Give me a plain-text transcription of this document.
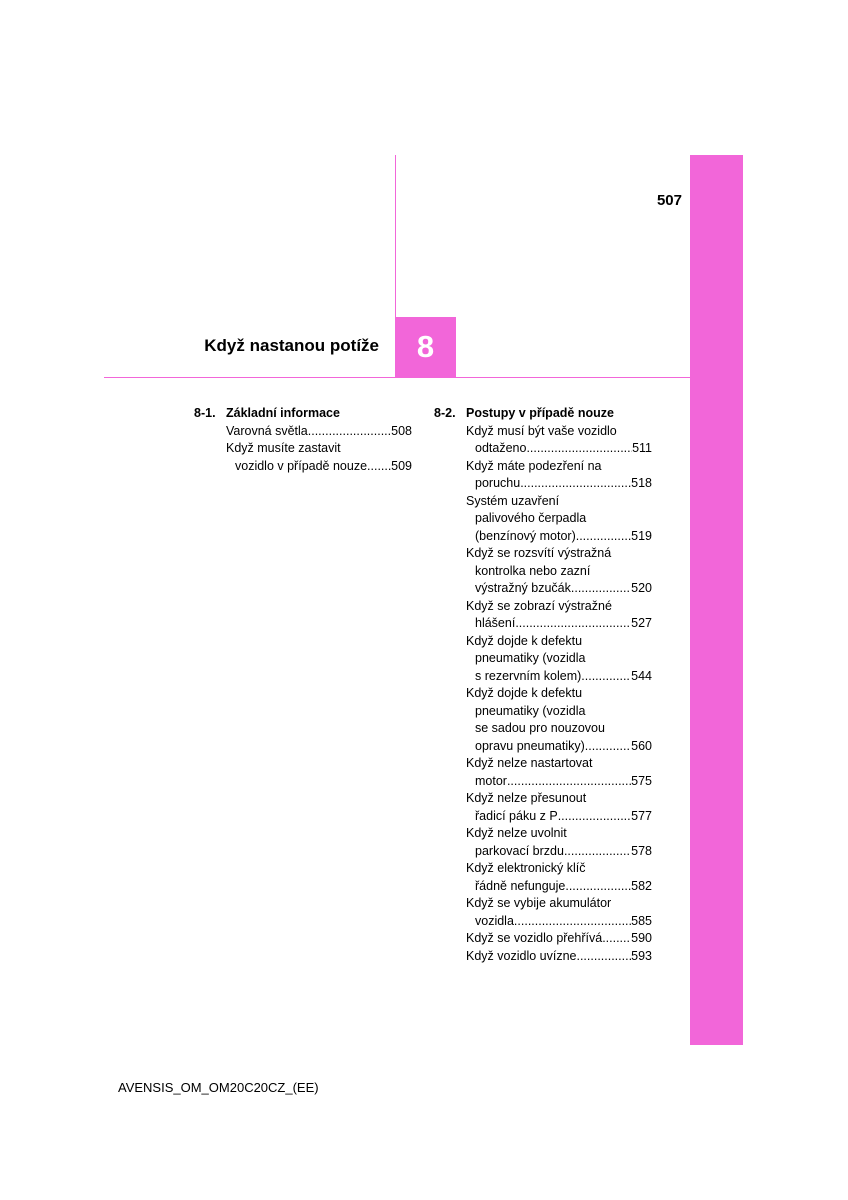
507
Když nastanou potíže 8
8-1. Základní informace
Varovná světla .....	508
Když musíte zastavit
vozidlo v případě nouze ..... 509
8-2. Postupy v případě nouze
Když musí být vaše vozidlo
odtaženo .....	511
Když máte podezření na
poruchu .....	518
Systém uzavření
palivového čerpadla
(benzínový motor) .....	519
Když se rozsvítí výstražná
kontrolka nebo zazní
výstražný bzučák .....	520
Když se zobrazí výstražné
hlášení .....	527
Když dojde k defektu
pneumatiky (vozidla
s rezervním kolem) .....	544
Když dojde k defektu
pneumatiky (vozidla
se sadou pro nouzovou
opravu pneumatiky) .....	560
Když nelze nastartovat
motor .....	575
Když nelze přesunout
řadicí páku z P .....	577
Když nelze uvolnit
parkovací brzdu .....	578
Když elektronický klíč
řádně nefunguje .....	582
Když se vybije akumulátor
vozidla .....	585
Když se vozidlo přehřívá ..... 590
Když vozidlo uvízne .....	593
AVENSIS_OM_OM20C20CZ_(EE)
